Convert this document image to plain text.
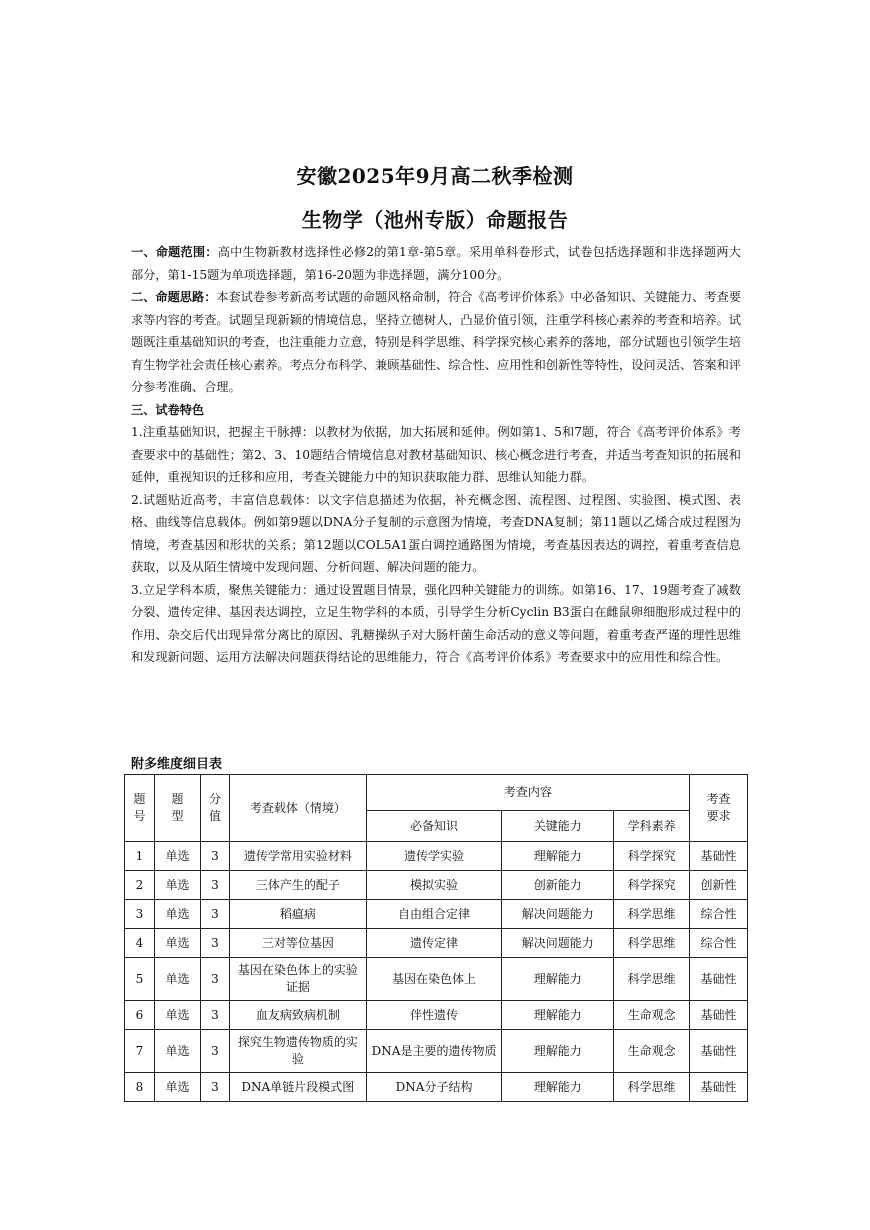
安徽2025年9月高二秋季检测
生物学（池州专版）命题报告

一、命题范围：高中生物新教材选择性必修2的第1章-第5章。采用单科卷形式，试卷包括选择题和非选择题两大部分，第1-15题为单项选择题，第16-20题为非选择题，满分100分。

二、命题思路：本套试卷参考新高考试题的命题风格命制，符合《高考评价体系》中必备知识、关键能力、考查要求等内容的考查。试题呈现新颖的情境信息，坚持立德树人，凸显价值引领，注重学科核心素养的考查和培养。试题既注重基础知识的考查，也注重能力立意，特别是科学思维、科学探究核心素养的落地，部分试题也引领学生培育生物学社会责任核心素养。考点分布科学、兼顾基础性、综合性、应用性和创新性等特性，设问灵活、答案和评分参考准确、合理。

三、试卷特色

1.注重基础知识，把握主干脉搏：以教材为依据，加大拓展和延伸。例如第1、5和7题，符合《高考评价体系》考查要求中的基础性；第2、3、10题结合情境信息对教材基础知识、核心概念进行考查，并适当考查知识的拓展和延伸，重视知识的迁移和应用，考查关键能力中的知识获取能力群、思维认知能力群。

2.试题贴近高考，丰富信息载体：以文字信息描述为依据，补充概念图、流程图、过程图、实验图、模式图、表格、曲线等信息载体。例如第9题以DNA分子复制的示意图为情境，考查DNA复制；第11题以乙烯合成过程图为情境，考查基因和形状的关系；第12题以COL5A1蛋白调控通路图为情境，考查基因表达的调控，着重考查信息获取，以及从陌生情境中发现问题、分析问题、解决问题的能力。

3.立足学科本质，聚焦关键能力：通过设置题目情景，强化四种关键能力的训练。如第16、17、19题考查了减数分裂、遗传定律、基因表达调控，立足生物学科的本质，引导学生分析Cyclin B3蛋白在雌鼠卵细胞形成过程中的作用、杂交后代出现异常分离比的原因、乳糖操纵子对大肠杆菌生命活动的意义等问题，着重考查严谨的理性思维和发现新问题、运用方法解决问题获得结论的思维能力，符合《高考评价体系》考查要求中的应用性和综合性。

附多维度细目表
题号	题型	分值	考查载体（情境）	考查内容			考查要求
				必备知识	关键能力	学科素养	
1	单选	3	遗传学常用实验材料	遗传学实验	理解能力	科学探究	基础性
2	单选	3	三体产生的配子	模拟实验	创新能力	科学探究	创新性
3	单选	3	稻瘟病	自由组合定律	解决问题能力	科学思维	综合性
4	单选	3	三对等位基因	遗传定律	解决问题能力	科学思维	综合性
5	单选	3	基因在染色体上的实验证据	基因在染色体上	理解能力	科学思维	基础性
6	单选	3	血友病致病机制	伴性遗传	理解能力	生命观念	基础性
7	单选	3	探究生物遗传物质的实验	DNA是主要的遗传物质	理解能力	生命观念	基础性
8	单选	3	DNA单链片段模式图	DNA分子结构	理解能力	科学思维	基础性
